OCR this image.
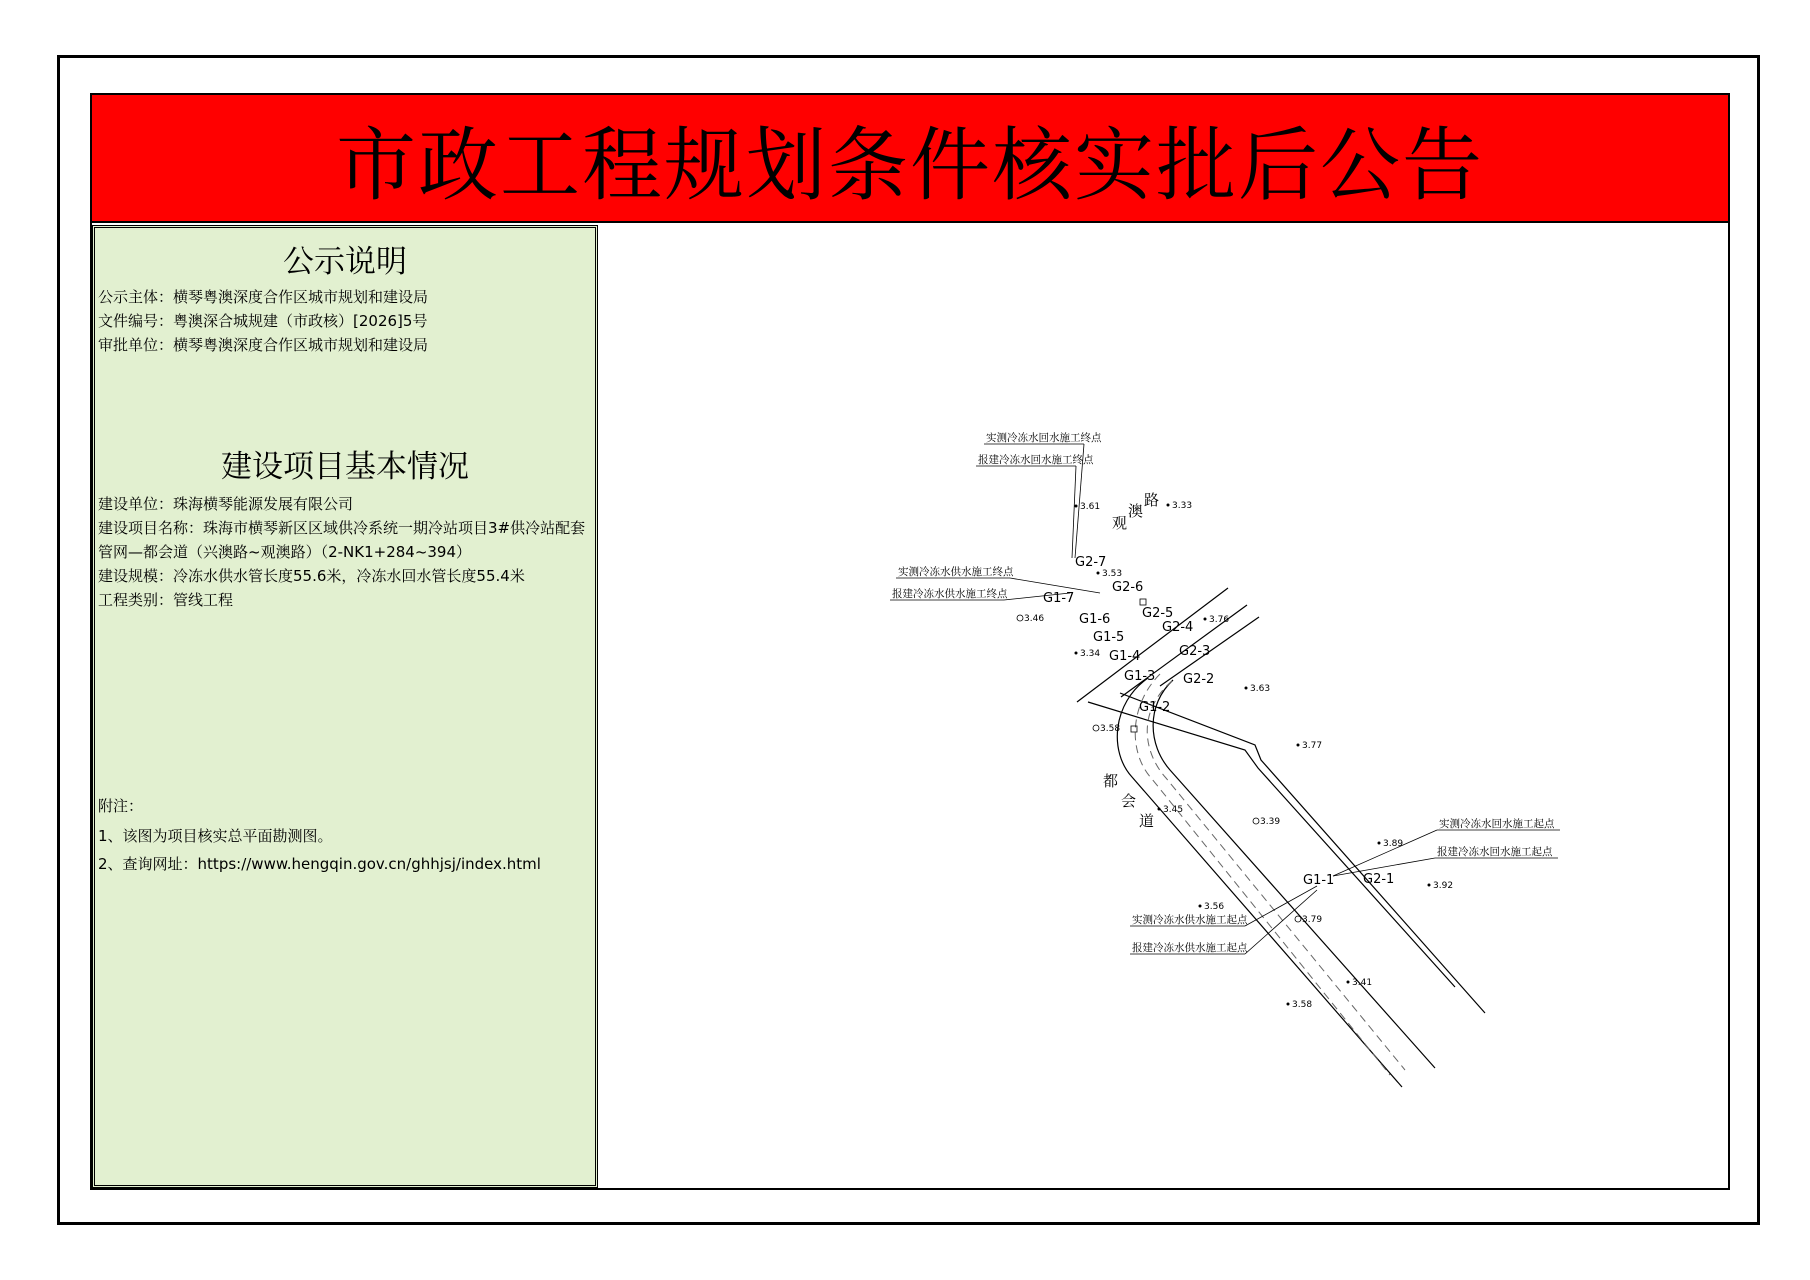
市政工程规划条件核实批后公告
公示说明
公示主体：横琴粤澳深度合作区城市规划和建设局
文件编号：粤澳深合城规建（市政核）[2026]5号
审批单位：横琴粤澳深度合作区城市规划和建设局
建设项目基本情况
建设单位：珠海横琴能源发展有限公司
建设项目名称：珠海市横琴新区区域供冷系统一期冷站项目3#供冷站配套管网—都会道（兴澳路~观澳路）（2-NK1+284~394）
建设规模：冷冻水供水管长度55.6米，冷冻水回水管长度55.4米
工程类别：管线工程
附注：
1、该图为项目核实总平面勘测图。
2、查询网址：https://www.hengqin.gov.cn/ghhjsj/index.html
实测冷冻水回水施工终点
报建冷冻水回水施工终点
实测冷冻水供水施工终点
报建冷冻水供水施工终点
实测冷冻水回水施工起点
报建冷冻水回水施工起点
实测冷冻水供水施工起点
报建冷冻水供水施工起点
观
澳
路
都
会
道
G1-7
G1-6
G1-5
G1-4
G1-3
G1-2
G1-1
G2-7
G2-6
G2-5
G2-4
G2-3
G2-2
G2-1
3.61	3.33
3.53
3.76
3.46
3.34
3.63
3.58
3.77
3.45
3.39
3.89
3.92
3.56
3.79
3.41
3.58
